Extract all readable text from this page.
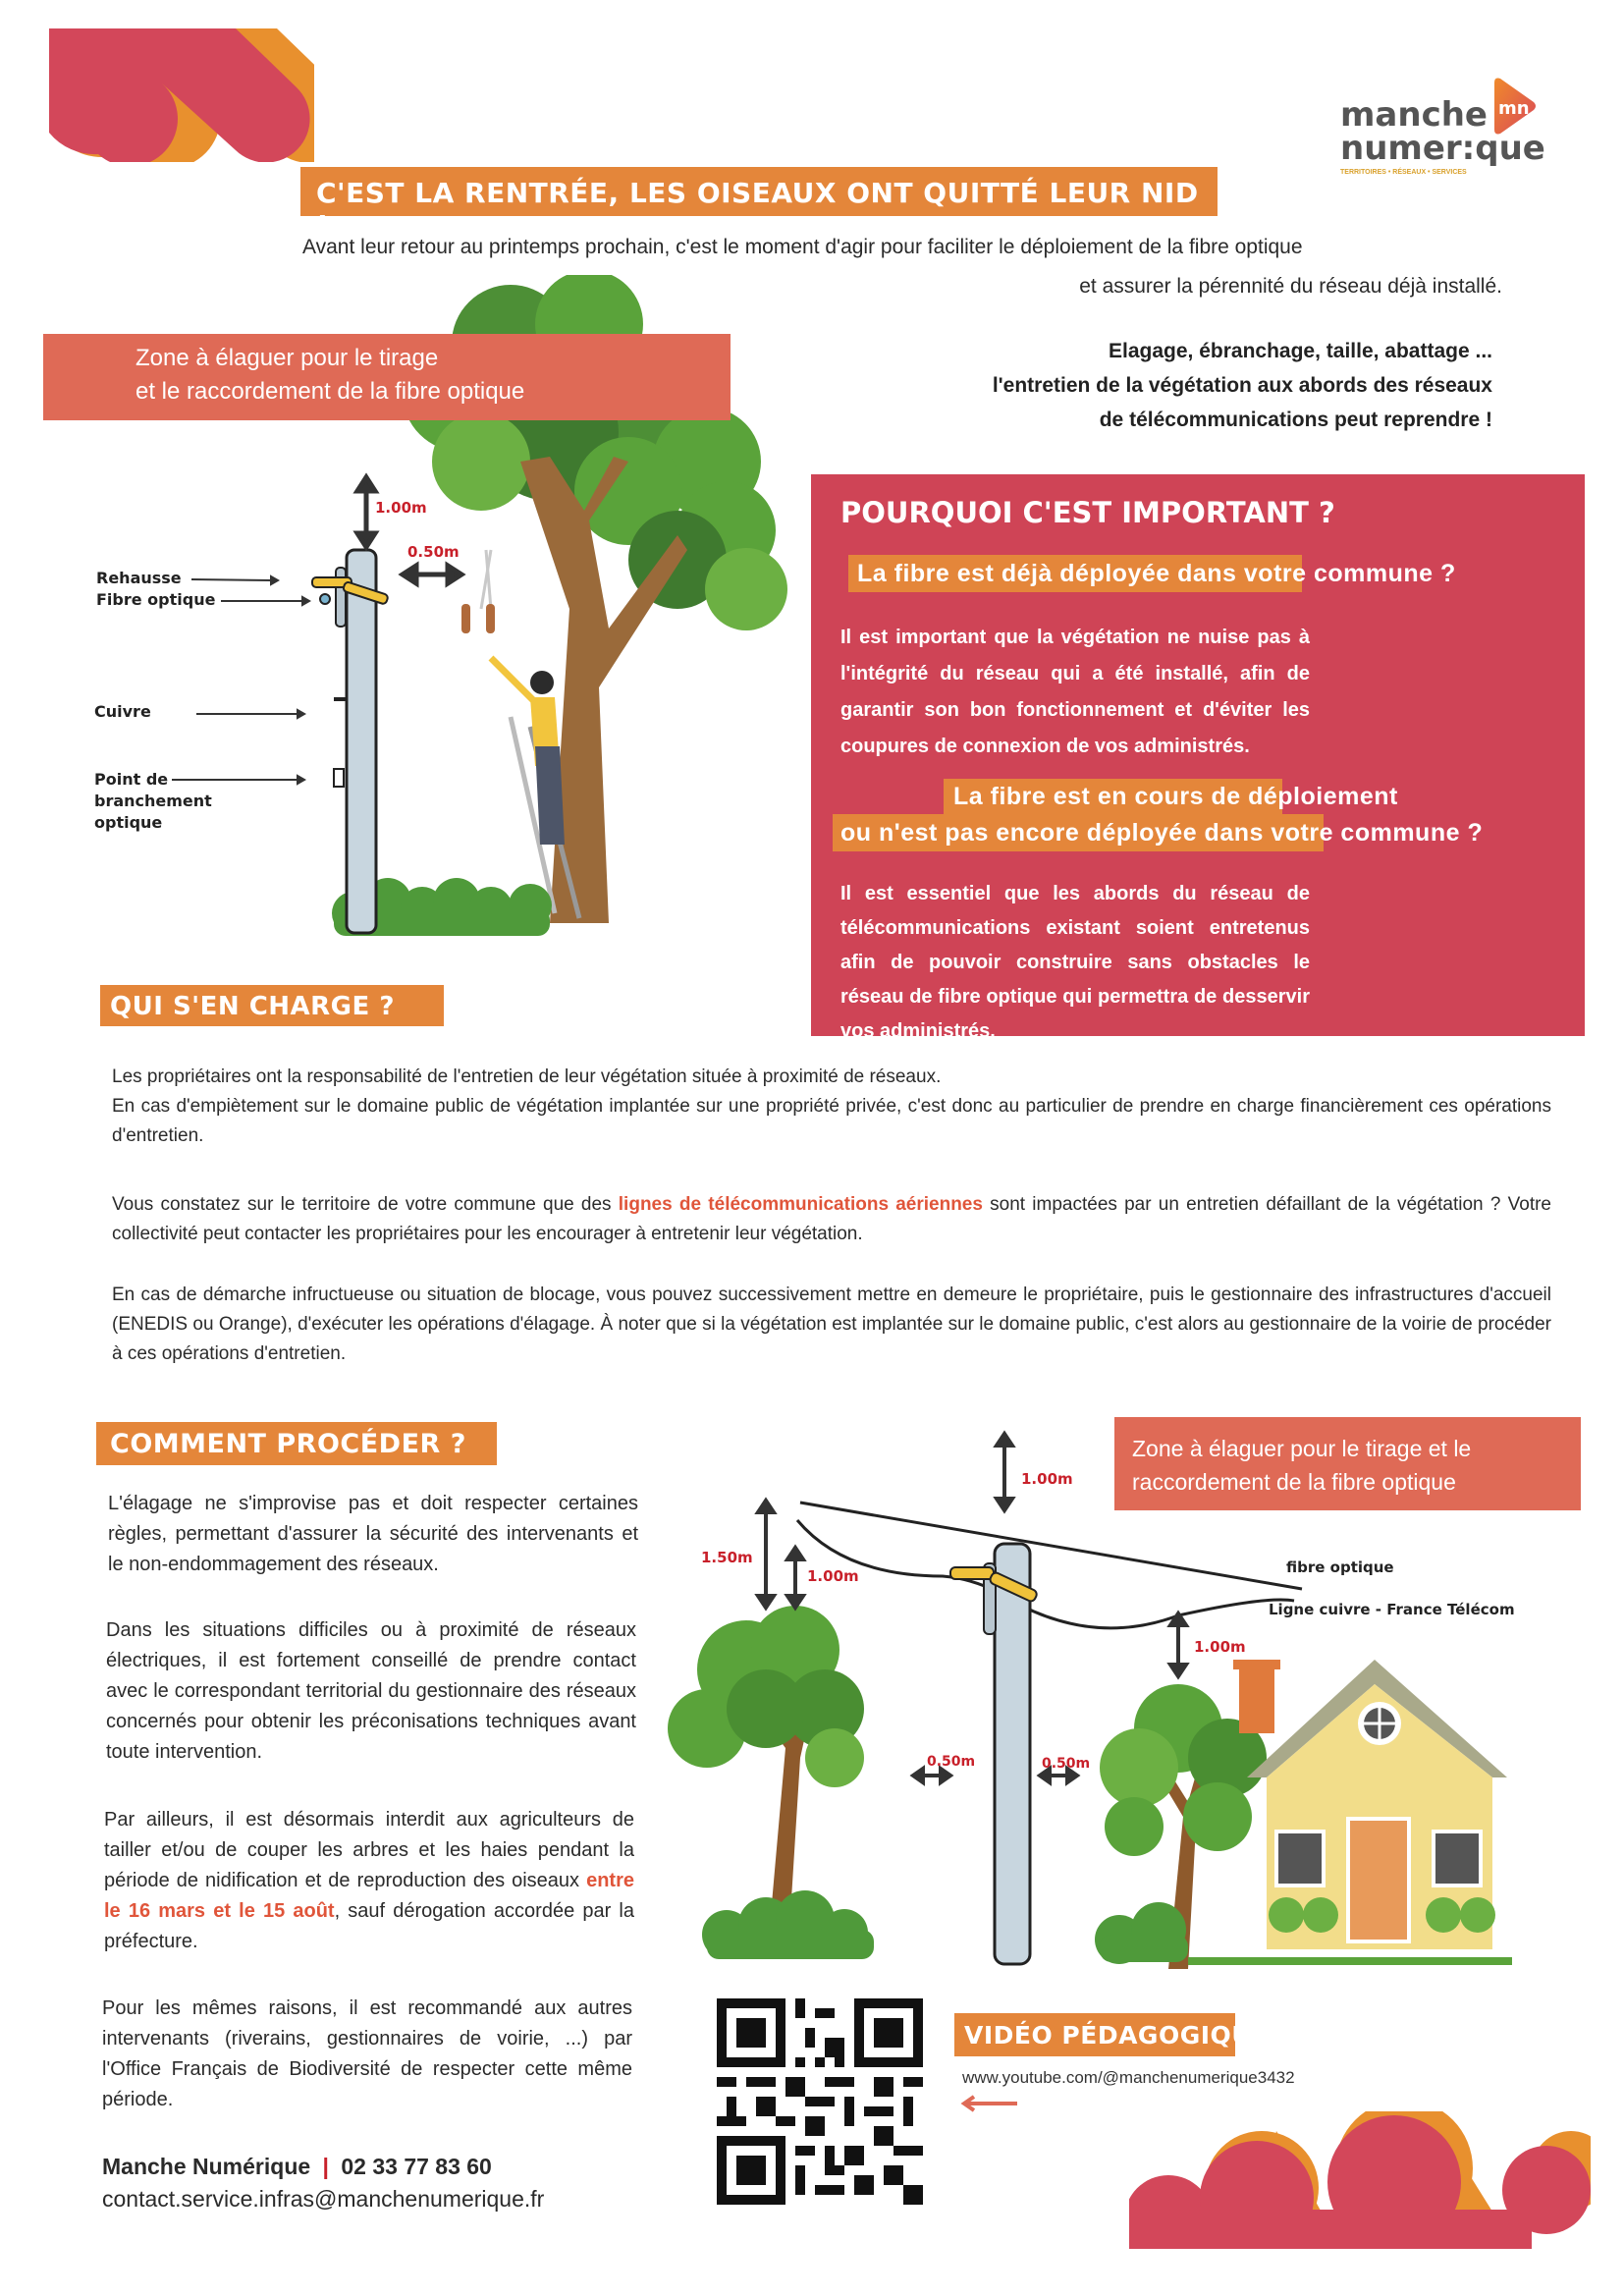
manche
numer:que
TERRITOIRES • RÉSEAUX • SERVICES
mn
C'EST LA RENTRÉE, LES OISEAUX ONT QUITTÉ LEUR NID !
Avant leur retour au printemps prochain, c'est le moment d'agir pour faciliter le déploiement de la fibre optique
et assurer la pérennité du réseau déjà installé.
Elagage, ébranchage, taille, abattage ...
l'entretien de la végétation aux abords des réseaux
de télécommunications peut reprendre !
Zone à élaguer pour le tirage
et le raccordement de la fibre optique
1.00m
0.50m
Rehausse
Fibre optique
Cuivre
Point de
branchement
optique
POURQUOI C'EST IMPORTANT ?
La fibre est déjà déployée dans votre commune ?

Il est important que la végétation ne nuise pas à l'intégrité du réseau qui a été installé, afin de garantir son bon fonctionnement et d'éviter les coupures de connexion de vos administrés.

La fibre est en cours de déploiement
ou n'est pas encore déployée dans votre commune ?

Il est essentiel que les abords du réseau de télécommunications existant soient entretenus afin de pouvoir construire sans obstacles le réseau de fibre optique qui permettra de desservir vos administrés.

QUI S'EN CHARGE ?
Les propriétaires ont la responsabilité de l'entretien de leur végétation située à proximité de réseaux.
En cas d'empiètement sur le domaine public de végétation implantée sur une propriété privée, c'est donc au particulier de prendre en charge financièrement ces opérations d'entretien.

Vous constatez sur le territoire de votre commune que des lignes de télécommunications aériennes sont impactées par un entretien défaillant de la végétation ? Votre collectivité peut contacter les propriétaires pour les encourager à entretenir leur végétation.

En cas de démarche infructueuse ou situation de blocage, vous pouvez successivement mettre en demeure le propriétaire, puis le gestionnaire des infrastructures d'accueil (ENEDIS ou Orange), d'exécuter les opérations d'élagage. À noter que si la végétation est implantée sur le domaine public, c'est alors au gestionnaire de la voirie de procéder à ces opérations d'entretien.

COMMENT PROCÉDER ?

L'élagage ne s'improvise pas et doit respecter certaines règles, permettant d'assurer la sécurité des intervenants et le non-endommagement des réseaux.

Dans les situations difficiles ou à proximité de réseaux électriques, il est fortement conseillé de prendre contact avec le correspondant territorial du gestionnaire des réseaux concernés pour obtenir les préconisations techniques avant toute intervention.

Par ailleurs, il est désormais interdit aux agriculteurs de tailler et/ou de couper les arbres et les haies pendant la période de nidification et de reproduction des oiseaux entre le 16 mars et le 15 août, sauf dérogation accordée par la préfecture.

Pour les mêmes raisons, il est recommandé aux autres intervenants (riverains, gestionnaires de voirie, ...) par l'Office Français de Biodiversité de respecter cette même période.

Manche Numérique | 02 33 77 83 60
contact.service.infras@manchenumerique.fr
Zone à élaguer pour le tirage et le
raccordement de la fibre optique
1.00m
1.50m
1.00m
1.00m
0.50m	0.50m
fibre optique
Ligne cuivre - France Télécom
VIDÉO PÉDAGOGIQUE
www.youtube.com/@manchenumerique3432
